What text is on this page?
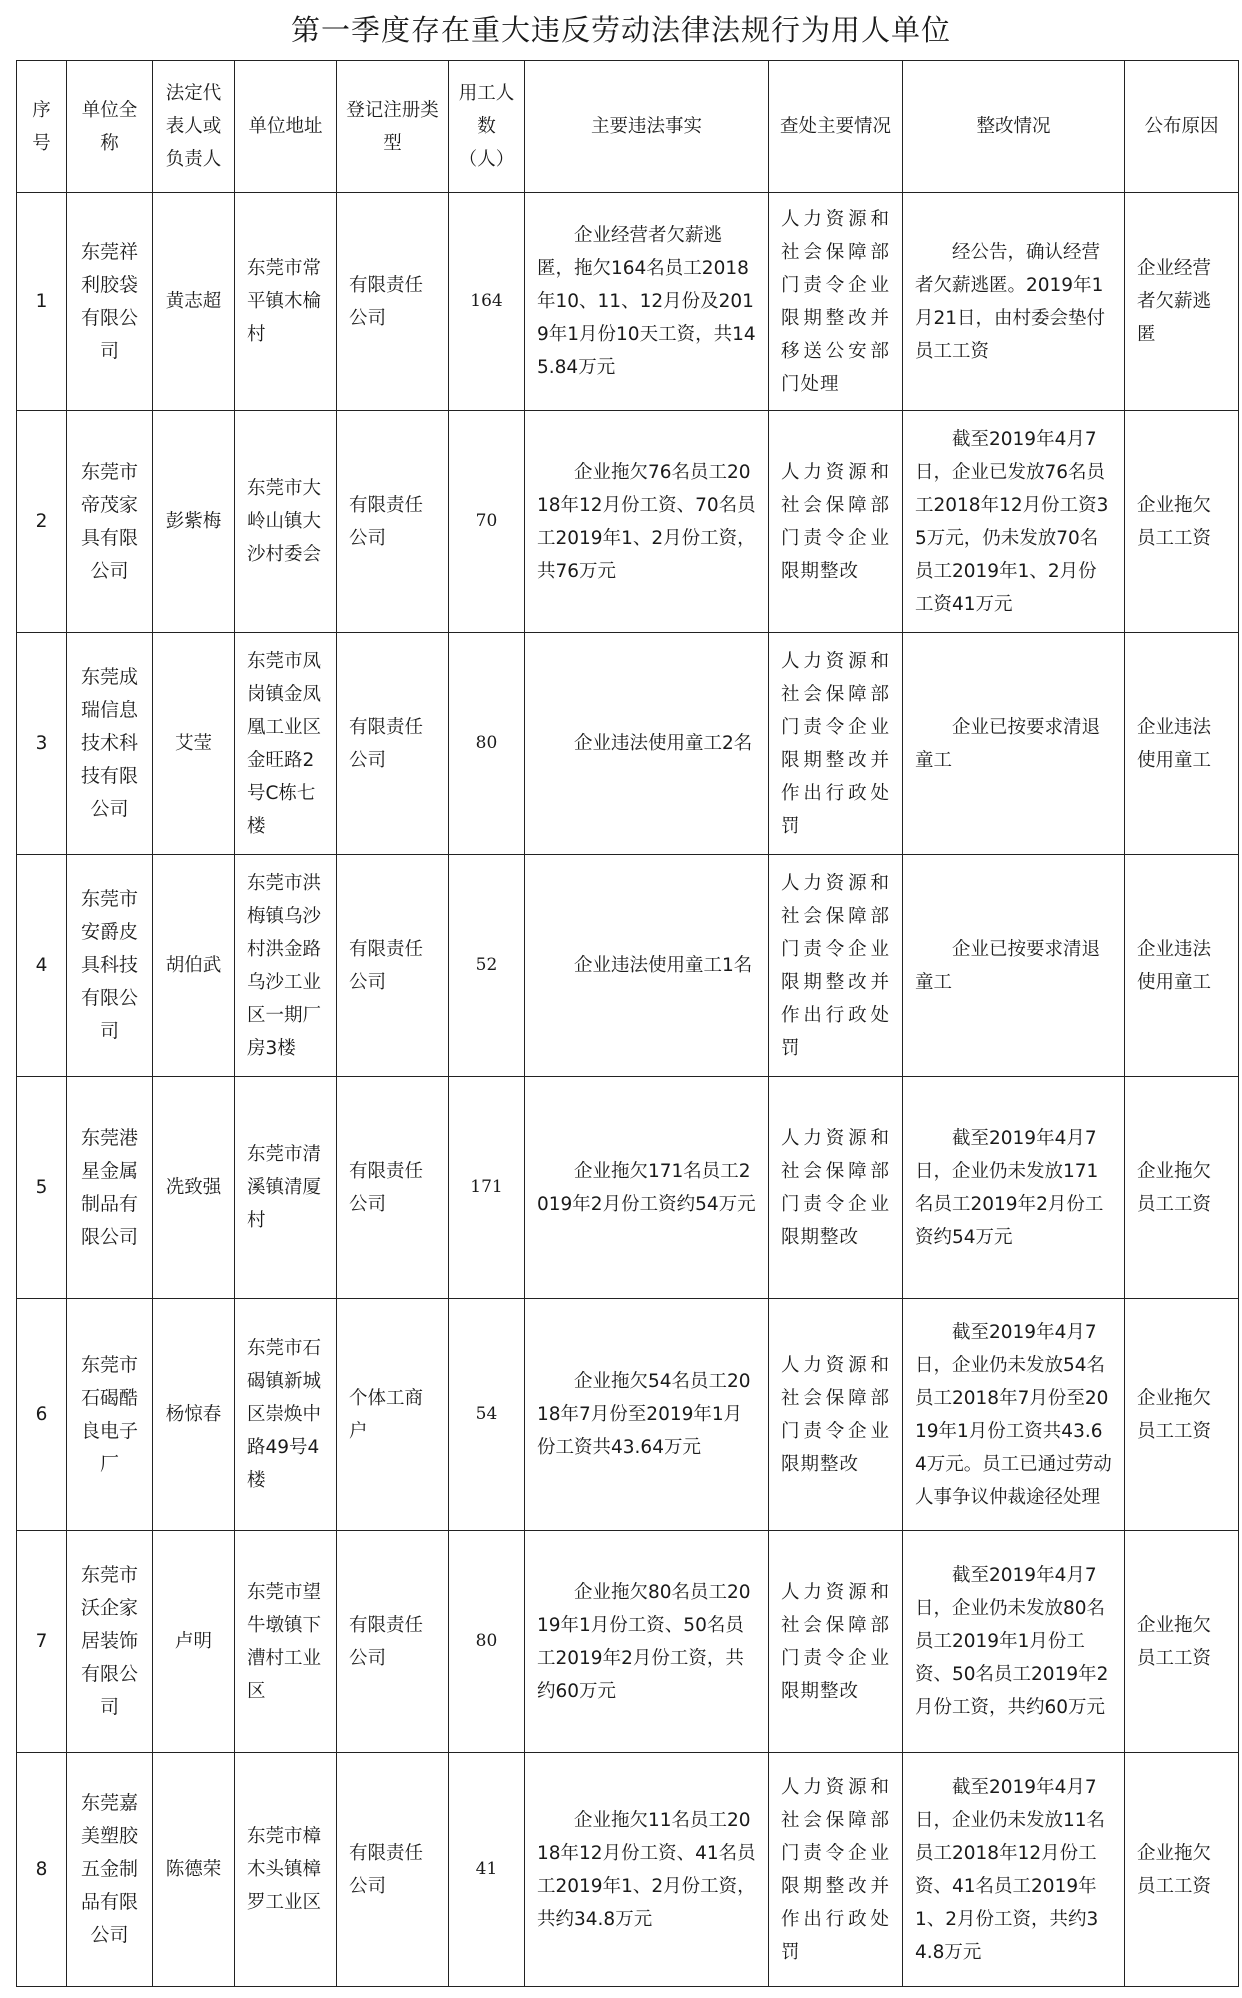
第一季度存在重大违反劳动法律法规行为用人单位
序号	单位全称	法定代表人或负责人	单位地址	登记注册类型	用工人数（人）	主要违法事实	查处主要情况	整改情况	公布原因
1	东莞祥利胶袋有限公司	黄志超	东莞市常平镇木棆村	有限责任公司	164	企业经营者欠薪逃匿，拖欠164名员工2018年10、11、12月份及2019年1月份10天工资，共145.84万元	人力资源和社会保障部门责令企业限期整改并移送公安部门处理	经公告，确认经营者欠薪逃匿。2019年1月21日，由村委会垫付员工工资	企业经营者欠薪逃匿
2	东莞市帝茂家具有限公司	彭紫梅	东莞市大岭山镇大沙村委会	有限责任公司	70	企业拖欠76名员工2018年12月份工资、70名员工2019年1、2月份工资，共76万元	人力资源和社会保障部门责令企业限期整改	截至2019年4月7日，企业已发放76名员工2018年12月份工资35万元，仍未发放70名员工2019年1、2月份工资41万元	企业拖欠员工工资
3	东莞成瑞信息技术科技有限公司	艾莹	东莞市凤岗镇金凤凰工业区金旺路2号C栋七楼	有限责任公司	80	企业违法使用童工2名	人力资源和社会保障部门责令企业限期整改并作出行政处罚	企业已按要求清退童工	企业违法使用童工
4	东莞市安爵皮具科技有限公司	胡伯武	东莞市洪梅镇乌沙村洪金路乌沙工业区一期厂房3楼	有限责任公司	52	企业违法使用童工1名	人力资源和社会保障部门责令企业限期整改并作出行政处罚	企业已按要求清退童工	企业违法使用童工
5	东莞港星金属制品有限公司	冼致强	东莞市清溪镇清厦村	有限责任公司	171	企业拖欠171名员工2019年2月份工资约54万元	人力资源和社会保障部门责令企业限期整改	截至2019年4月7日，企业仍未发放171名员工2019年2月份工资约54万元	企业拖欠员工工资
6	东莞市石碣酷良电子厂	杨惊春	东莞市石碣镇新城区崇焕中路49号4楼	个体工商户	54	企业拖欠54名员工2018年7月份至2019年1月份工资共43.64万元	人力资源和社会保障部门责令企业限期整改	截至2019年4月7日，企业仍未发放54名员工2018年7月份至2019年1月份工资共43.64万元。员工已通过劳动人事争议仲裁途径处理	企业拖欠员工工资
7	东莞市沃企家居装饰有限公司	卢明	东莞市望牛墩镇下漕村工业区	有限责任公司	80	企业拖欠80名员工2019年1月份工资、50名员工2019年2月份工资，共约60万元	人力资源和社会保障部门责令企业限期整改	截至2019年4月7日，企业仍未发放80名员工2019年1月份工资、50名员工2019年2月份工资，共约60万元	企业拖欠员工工资
8	东莞嘉美塑胶五金制品有限公司	陈德荣	东莞市樟木头镇樟罗工业区	有限责任公司	41	企业拖欠11名员工2018年12月份工资、41名员工2019年1、2月份工资，共约34.8万元	人力资源和社会保障部门责令企业限期整改并作出行政处罚	截至2019年4月7日，企业仍未发放11名员工2018年12月份工资、41名员工2019年1、2月份工资，共约34.8万元	企业拖欠员工工资
